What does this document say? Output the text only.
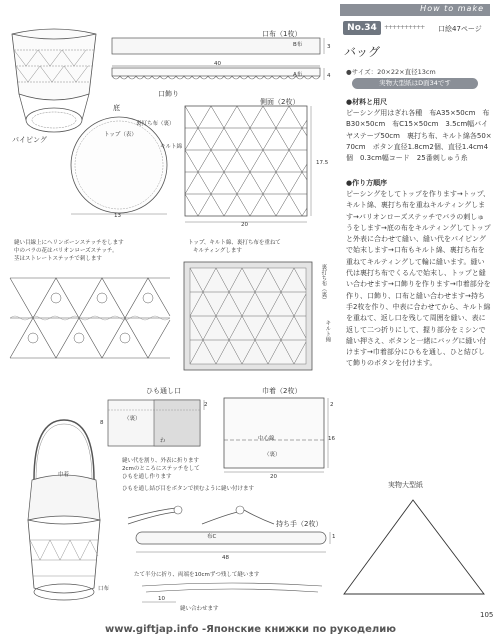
How to make
No.34	++++++++++ 口絵47ページ
バッグ
●サイズ：20×22×直径13cm
実物大型紙はD面34です
●材料と用尺
ピーシング用はぎれ各種　布A35×50cm　布B30×50cm　布C15×50cm　3.5cm幅バイヤステープ50cm　裏打ち布、キルト綿各50×70cm　ボタン直径1.8cm2個、直径1.4cm4個　0.3cm幅コード　25番刺しゅう糸
●作り方順序
ピーシングをしてトップを作ります→トップ、キルト綿、裏打ち布を重ねキルティングします→バリオンローズステッチでバラの刺しゅうをします→底の布をキルティングしてトップと外表に合わせて縫い、縫い代をパイピングで始末します→口布もキルト綿、裏打ち布を重ねてキルティングして輪に縫います。縫い代は裏打ち布でくるんで始末し、トップと縫い合わせます→口飾りを作ります→巾着部分を作り、口飾り、口布と縫い合わせます→持ち手2枚を作り、中表に合わせてから、キルト綿を重ねて、返し口を残して周囲を縫い、表に返して二つ折りにして、握り部分をミシンで縫い押さえ、ボタンと一緒にバッグに縫い付けます→巾着部分にひもを通し、ひと結びして飾りのボタンを付けます。
パイピング
口布（1枚）
B布
40
3
A布	4
口飾り
底
トップ（表）
裏打ち布（裏）
キルト綿
13
側面（2枚）
17.5
20
縫い目線上にヘリンボーンステッチをします
中のバラの花はバリオンローズステッチ。
茎はストレートステッチで刺します
トップ、キルト綿、裏打ち布を重ねて
キルティングします
裏打ち布（裏）
キルト綿
ひも通し口
8
2
（裏）
わ
縫い代を割り、外表に折ります
2cmのところにステッチをして
ひもを通し作ります
巾着（2枚）
2
16
中心線
（裏）
20
巾着
口布
ひもを通し結び目をボタンで挟むように縫い付けます
持ち手（2枚）
布C	1
48
たて半分に折り、両端を10cmずつ残して縫います
10
縫い合わせます
実物大型紙
105
www.giftjap.info -Японские книжки по рукоделию
